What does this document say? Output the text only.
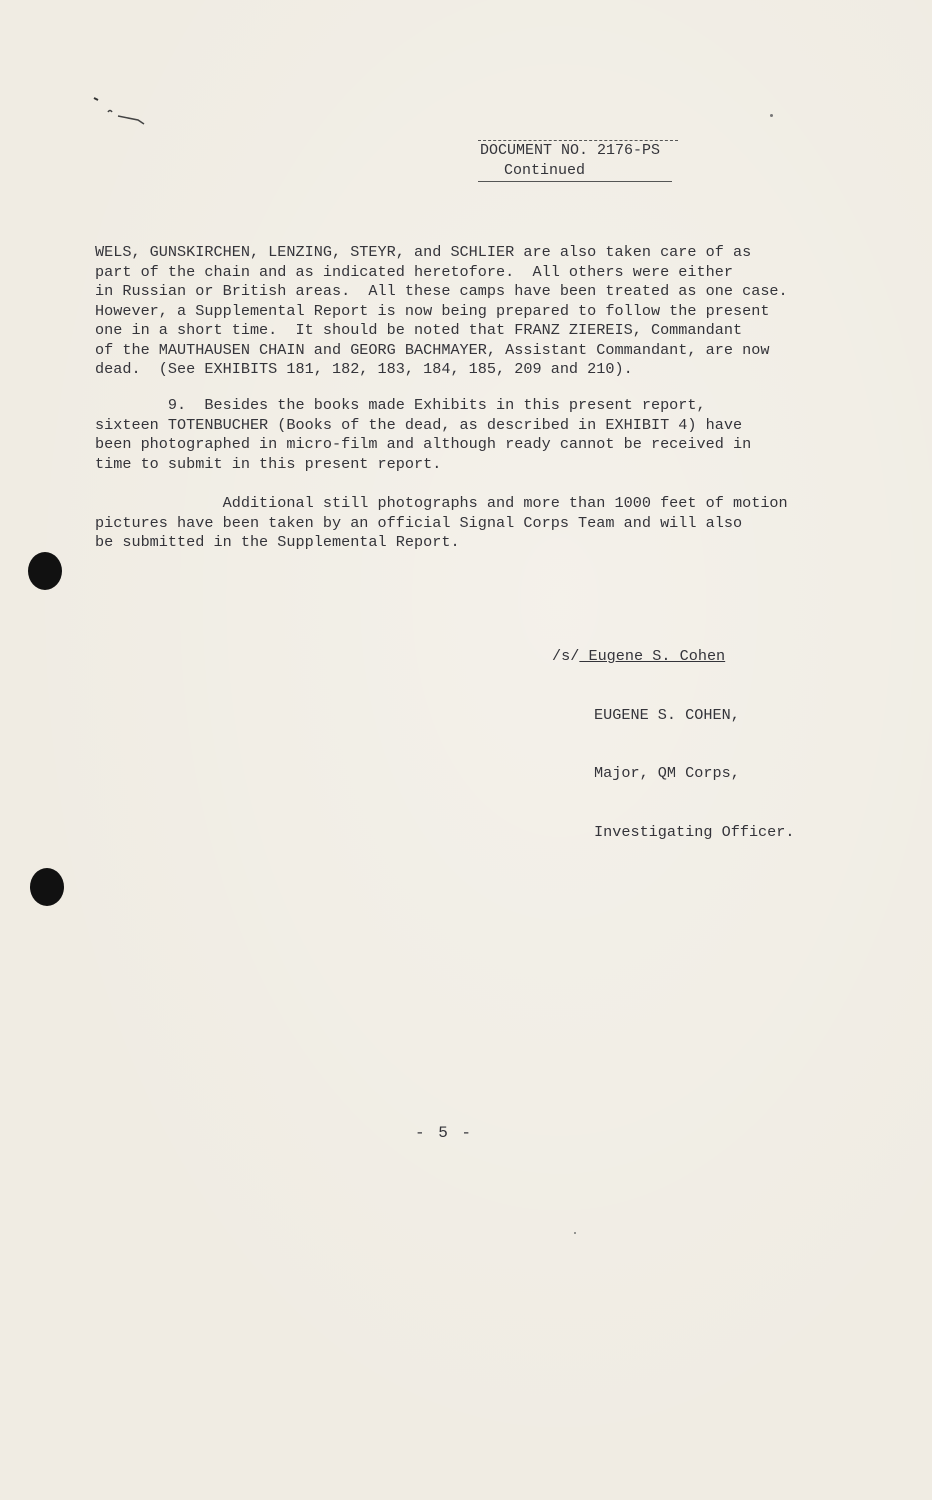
DOCUMENT NO. 2176-PS
Continued

WELS, GUNSKIRCHEN, LENZING, STEYR, and SCHLIER are also taken care of as
part of the chain and as indicated heretofore.  All others were either
in Russian or British areas.  All these camps have been treated as one case.
However, a Supplemental Report is now being prepared to follow the present
one in a short time.  It should be noted that FRANZ ZIEREIS, Commandant
of the MAUTHAUSEN CHAIN and GEORG BACHMAYER, Assistant Commandant, are now
dead.  (See EXHIBITS 181, 182, 183, 184, 185, 209 and 210).

9.  Besides the books made Exhibits in this present report,
sixteen TOTENBUCHER (Books of the dead, as described in EXHIBIT 4) have
been photographed in micro-film and although ready cannot be received in
time to submit in this present report.

Additional still photographs and more than 1000 feet of motion
pictures have been taken by an official Signal Corps Team and will also
be submitted in the Supplemental Report.

/s/ Eugene S. Cohen

EUGENE S. COHEN,

Major, QM Corps,

Investigating Officer.

- 5 -
